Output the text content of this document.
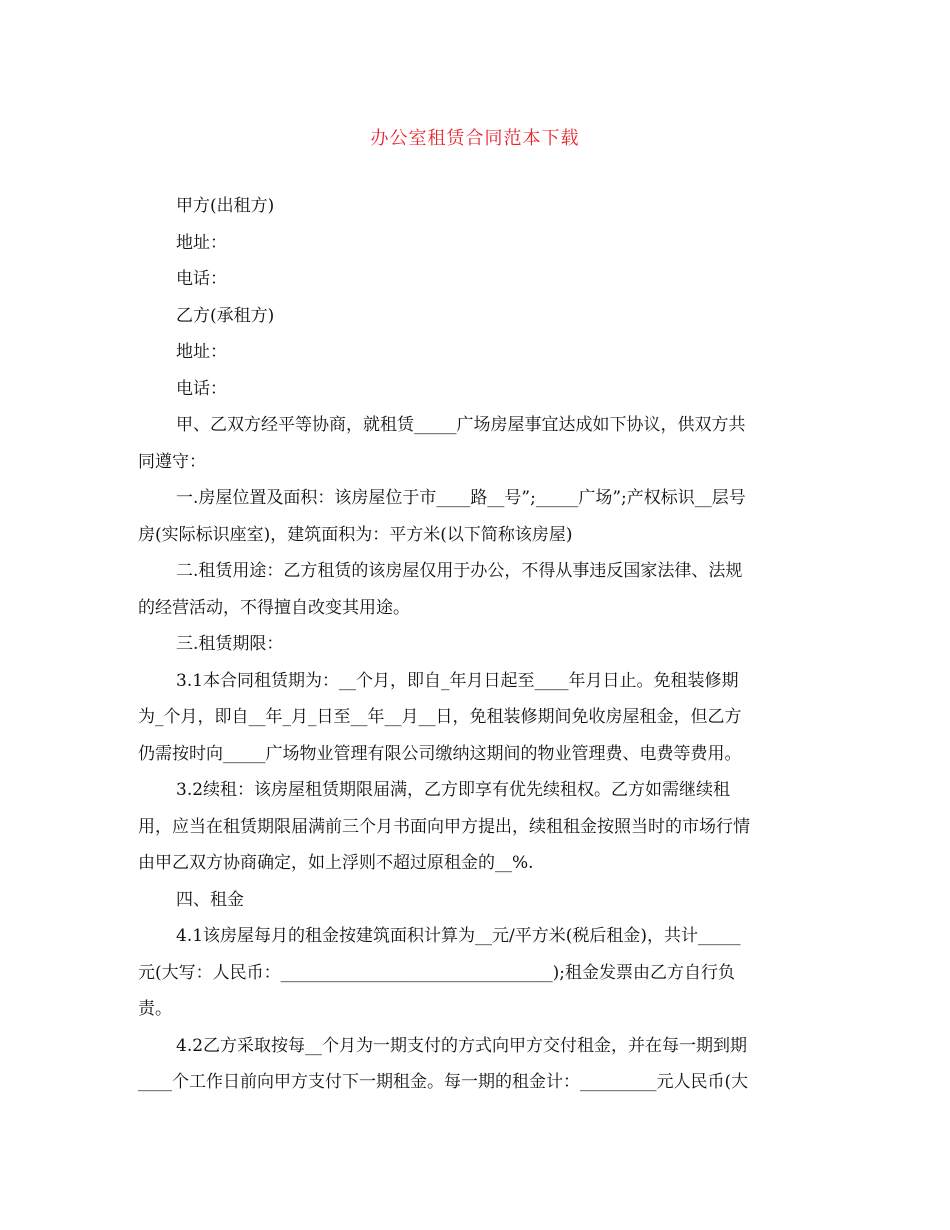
办公室租赁合同范本下载
甲方(出租方)
地址：
电话：
乙方(承租方)
地址：
电话：
甲、乙双方经平等协商，就租赁_____广场房屋事宜达成如下协议，供双方共
同遵守：
一.房屋位置及面积：该房屋位于市____路__号”;_____广场”;产权标识__层号
房(实际标识座室)，建筑面积为：平方米(以下简称该房屋)
二.租赁用途：乙方租赁的该房屋仅用于办公，不得从事违反国家法律、法规
的经营活动，不得擅自改变其用途。
三.租赁期限：
3.1本合同租赁期为：__个月，即自_年月日起至____年月日止。免租装修期
为_个月，即自__年_月_日至__年__月__日，免租装修期间免收房屋租金，但乙方
仍需按时向_____广场物业管理有限公司缴纳这期间的物业管理费、电费等费用。
3.2续租：该房屋租赁期限届满，乙方即享有优先续租权。乙方如需继续租
用，应当在租赁期限届满前三个月书面向甲方提出，续租租金按照当时的市场行情
由甲乙双方协商确定，如上浮则不超过原租金的__%.
四、租金
4.1该房屋每月的租金按建筑面积计算为__元/平方米(税后租金)，共计_____
元(大写：人民币：________________________________);租金发票由乙方自行负
责。
4.2乙方采取按每__个月为一期支付的方式向甲方交付租金，并在每一期到期
____个工作日前向甲方支付下一期租金。每一期的租金计：_________元人民币(大
